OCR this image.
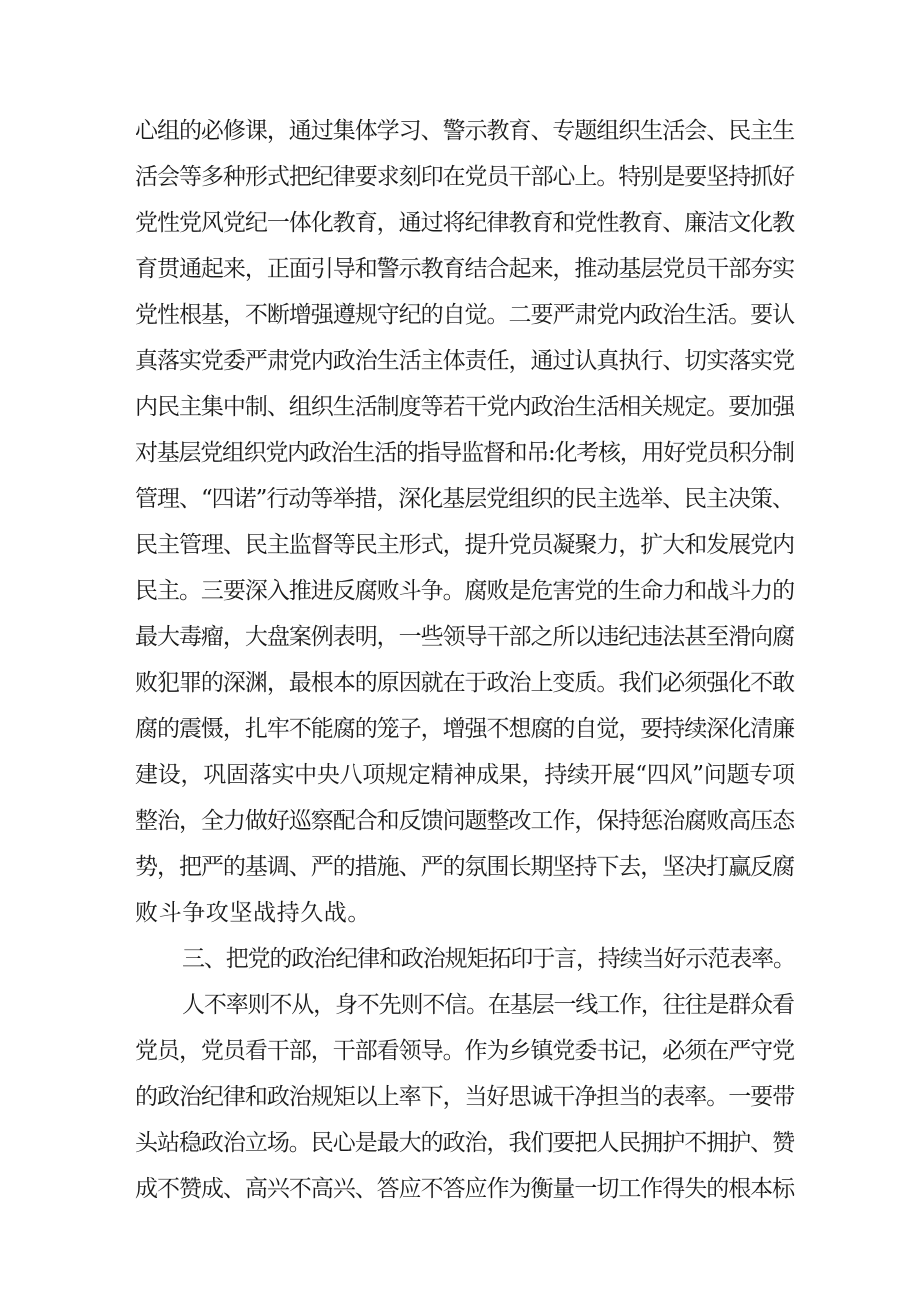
心组的必修课，通过集体学习、警示教育、专题组织生活会、民主生
活会等多种形式把纪律要求刻印在党员干部心上。特别是要坚持抓好
党性党风党纪一体化教育，通过将纪律教育和党性教育、廉洁文化教
育贯通起来，正面引导和警示教育结合起来，推动基层党员干部夯实
党性根基，不断增强遵规守纪的自觉。二要严肃党内政治生活。要认
真落实党委严肃党内政治生活主体责任，通过认真执行、切实落实党
内民主集中制、组织生活制度等若干党内政治生活相关规定。要加强
对基层党组织党内政治生活的指导监督和吊:化考核，用好党员积分制
管理、“四诺”行动等举措，深化基层党组织的民主选举、民主决策、
民主管理、民主监督等民主形式，提升党员凝聚力，扩大和发展党内
民主。三要深入推进反腐败斗争。腐败是危害党的生命力和战斗力的
最大毒瘤，大盘案例表明，一些领导干部之所以违纪违法甚至滑向腐
败犯罪的深渊，最根本的原因就在于政治上变质。我们必须强化不敢
腐的震慑，扎牢不能腐的笼子，增强不想腐的自觉，要持续深化清廉
建设，巩固落实中央八项规定精神成果，持续开展“四风”问题专项
整治，全力做好巡察配合和反馈问题整改工作，保持惩治腐败高压态
势，把严的基调、严的措施、严的氛围长期坚持下去，坚决打赢反腐
败斗争攻坚战持久战。
三、把党的政治纪律和政治规矩拓印于言，持续当好示范表率。
人不率则不从，身不先则不信。在基层一线工作，往往是群众看
党员，党员看干部，干部看领导。作为乡镇党委书记，必须在严守党
的政治纪律和政治规矩以上率下，当好思诚干净担当的表率。一要带
头站稳政治立场。民心是最大的政治，我们要把人民拥护不拥护、赞
成不赞成、高兴不高兴、答应不答应作为衡量一切工作得失的根本标
